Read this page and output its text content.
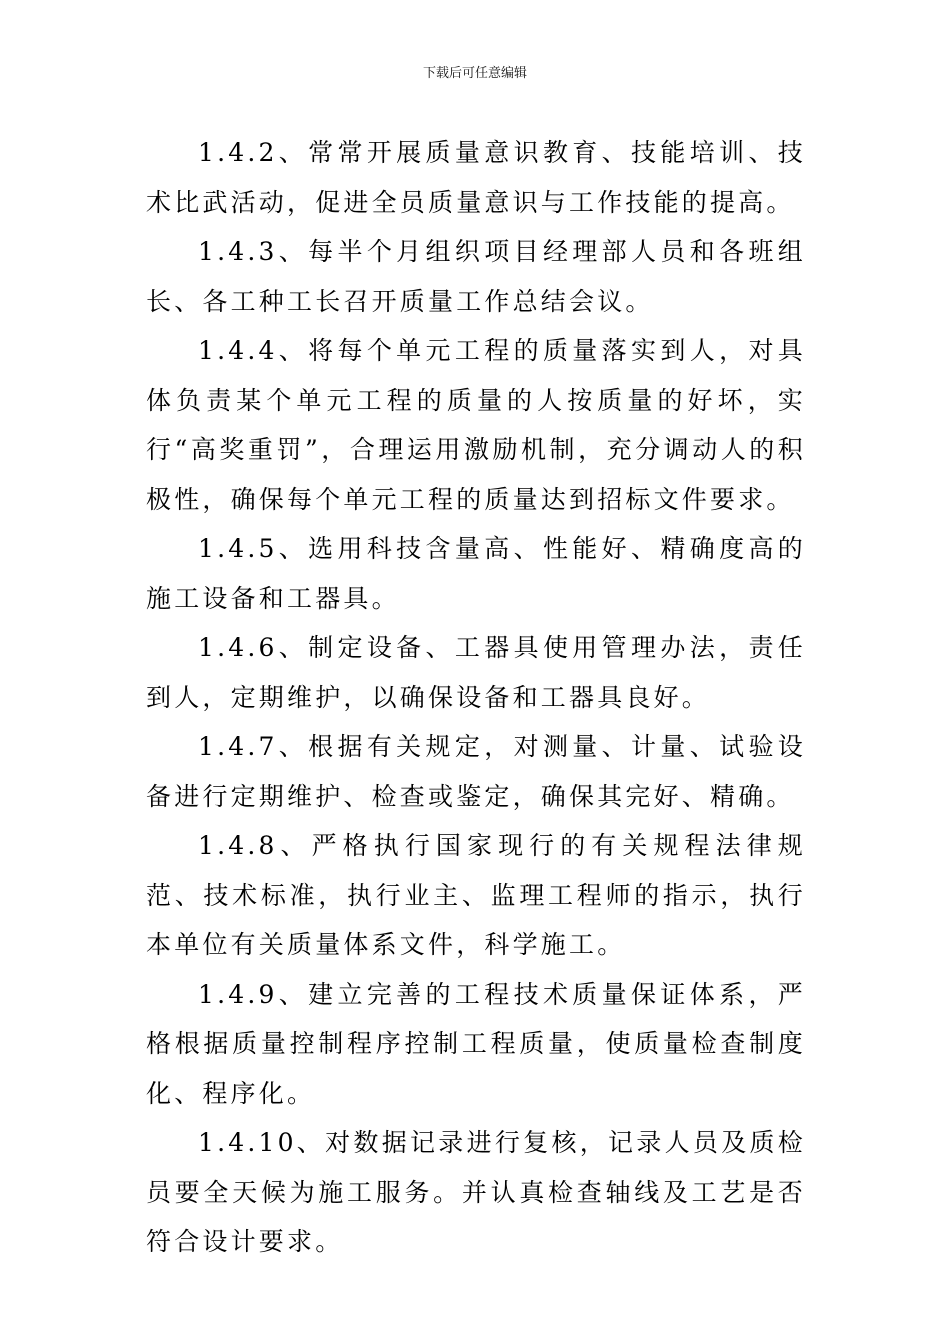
下载后可任意编辑

1.4.2、常常开展质量意识教育、技能培训、技术比武活动，促进全员质量意识与工作技能的提高。

1.4.3、每半个月组织项目经理部人员和各班组长、各工种工长召开质量工作总结会议。

1.4.4、将每个单元工程的质量落实到人，对具体负责某个单元工程的质量的人按质量的好坏，实行“高奖重罚”，合理运用激励机制，充分调动人的积极性，确保每个单元工程的质量达到招标文件要求。

1.4.5、选用科技含量高、性能好、精确度高的施工设备和工器具。

1.4.6、制定设备、工器具使用管理办法，责任到人，定期维护，以确保设备和工器具良好。

1.4.7、根据有关规定，对测量、计量、试验设备进行定期维护、检查或鉴定，确保其完好、精确。

1.4.8、严格执行国家现行的有关规程法律规范、技术标准，执行业主、监理工程师的指示，执行本单位有关质量体系文件，科学施工。

1.4.9、建立完善的工程技术质量保证体系，严格根据质量控制程序控制工程质量，使质量检查制度化、程序化。

1.4.10、对数据记录进行复核，记录人员及质检员要全天候为施工服务。并认真检查轴线及工艺是否符合设计要求。
